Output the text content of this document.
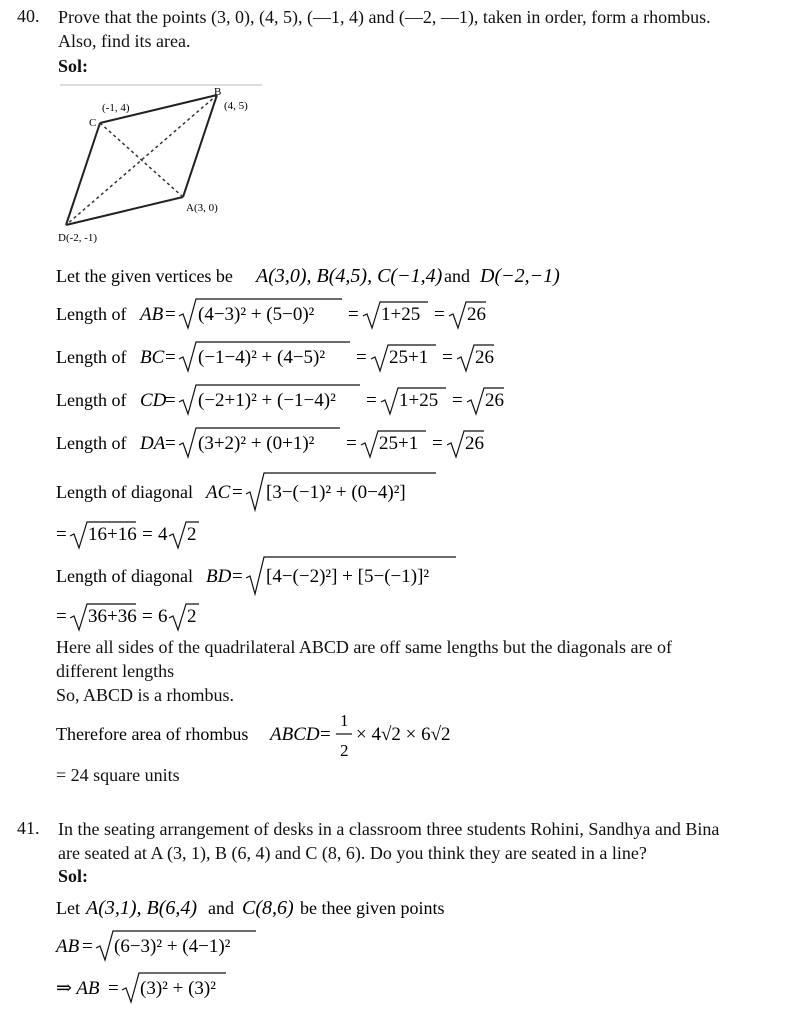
40. Prove that the points (3, 0), (4, 5), (—1, 4) and (—2, —1), taken in order, form a rhombus.
Also, find its area.
Sol:
C
(-1, 4)
B
(4, 5)
A(3, 0)
D(-2, -1)
Let the given vertices be A(3,0), B(4,5), C(−1,4) and D(−2,−1)
Length of AB = (4−3)² + (5−0)² = 1+25 = 26
Length of BC = (−1−4)² + (4−5)² = 25+1 = 26
Length of CD
= (−2+1)² + (−1−4)² = 1+25 = 26
Length of DA = (3+2)² + (0+1)² = 25+1 = 26
Length of diagonal AC = [3−(−1)² + (0−4)²]
= 16+16 = 4 2
Length of diagonal BD = [4−(−2)²] + [5−(−1)]²
= 36+36 = 6 2
Here all sides of the quadrilateral ABCD are off same lengths but the diagonals are of
different lengths
So, ABCD is a rhombus.
Therefore area of rhombus ABCD =
1
2
× 4√2 × 6√2
= 24 square units
41. In the seating arrangement of desks in a classroom three students Rohini, Sandhya and Bina
are seated at A (3, 1), B (6, 4) and C (8, 6). Do you think they are seated in a line?
Sol:
Let A(3,1), B(6,4) and C(8,6) be thee given points
AB = (6−3)² + (4−1)²
⇒ AB = (3)² + (3)²
